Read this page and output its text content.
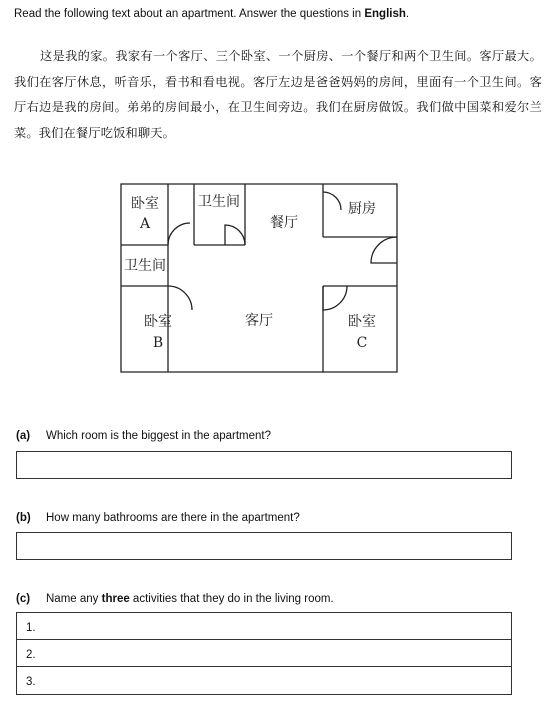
Read the following text about an apartment. Answer the questions in English.
这是我的家。我家有一个客厅、三个卧室、一个厨房、一个餐厅和两个卫生间。客厅最大。我们在客厅休息，听音乐，看书和看电视。客厅左边是爸爸妈妈的房间，里面有一个卫生间。客厅右边是我的房间。弟弟的房间最小，在卫生间旁边。我们在厨房做饭。我们做中国菜和爱尔兰菜。我们在餐厅吃饭和聊天。
卧室
A
卫生间
餐厅
厨房
卫生间
卧室
B
客厅	卧室
C
(a) Which room is the biggest in the apartment?
(b) How many bathrooms are there in the apartment?
(c) Name any three activities that they do in the living room.
1.
2.
3.
